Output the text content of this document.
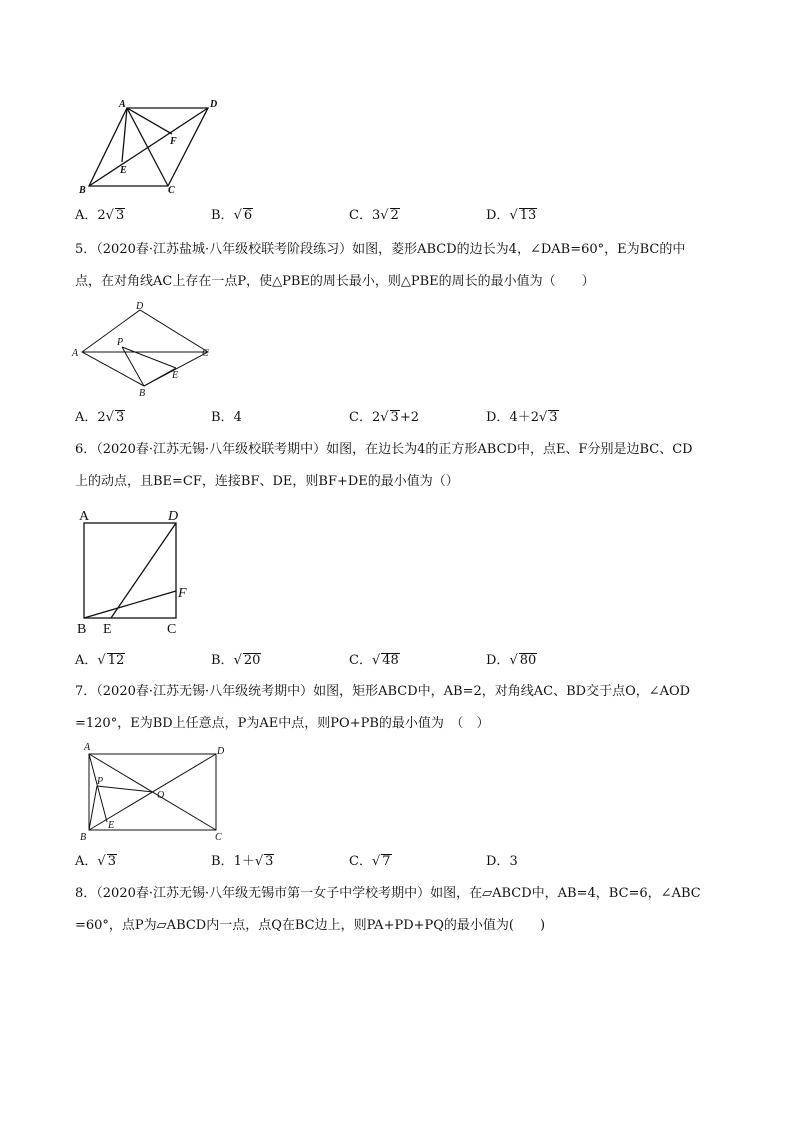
A	D
F
E
B	C
A．2√ 3	B．√ 6	C．3√ 2	D．√ 13
5．（2020春·江苏盐城·八年级校联考阶段练习）如图，菱形ABCD的边长为4，∠DAB=60°，E为BC的中
点，在对角线AC上存在一点P，使△PBE的周长最小，则△PBE的周长的最小值为（　　）
D
A
P
C
E
B
A．2√ 3	B．4	C．2√ 3+2	D．4＋2√ 3
6．（2020春·江苏无锡·八年级校联考期中）如图，在边长为4的正方形ABCD中，点E、F分别是边BC、CD
上的动点，且BE=CF，连接BF、DE，则BF+DE的最小值为（）
A	D
F
B E	C
A．√ 12	B．√ 20	C．√ 48	D．√ 80
7．（2020春·江苏无锡·八年级统考期中）如图，矩形ABCD中，AB=2，对角线AC、BD交于点O，∠AOD
=120°，E为BD上任意点，P为AE中点，则PO+PB的最小值为　（　）
A	D
P
O
E
B	C
A．√ 3	B．1＋√ 3	C．√ 7	D．3
8．（2020春·江苏无锡·八年级无锡市第一女子中学校考期中）如图，在▱ABCD中，AB=4，BC=6，∠ABC
=60°，点P为▱ABCD内一点，点Q在BC边上，则PA+PD+PQ的最小值为(　　)
